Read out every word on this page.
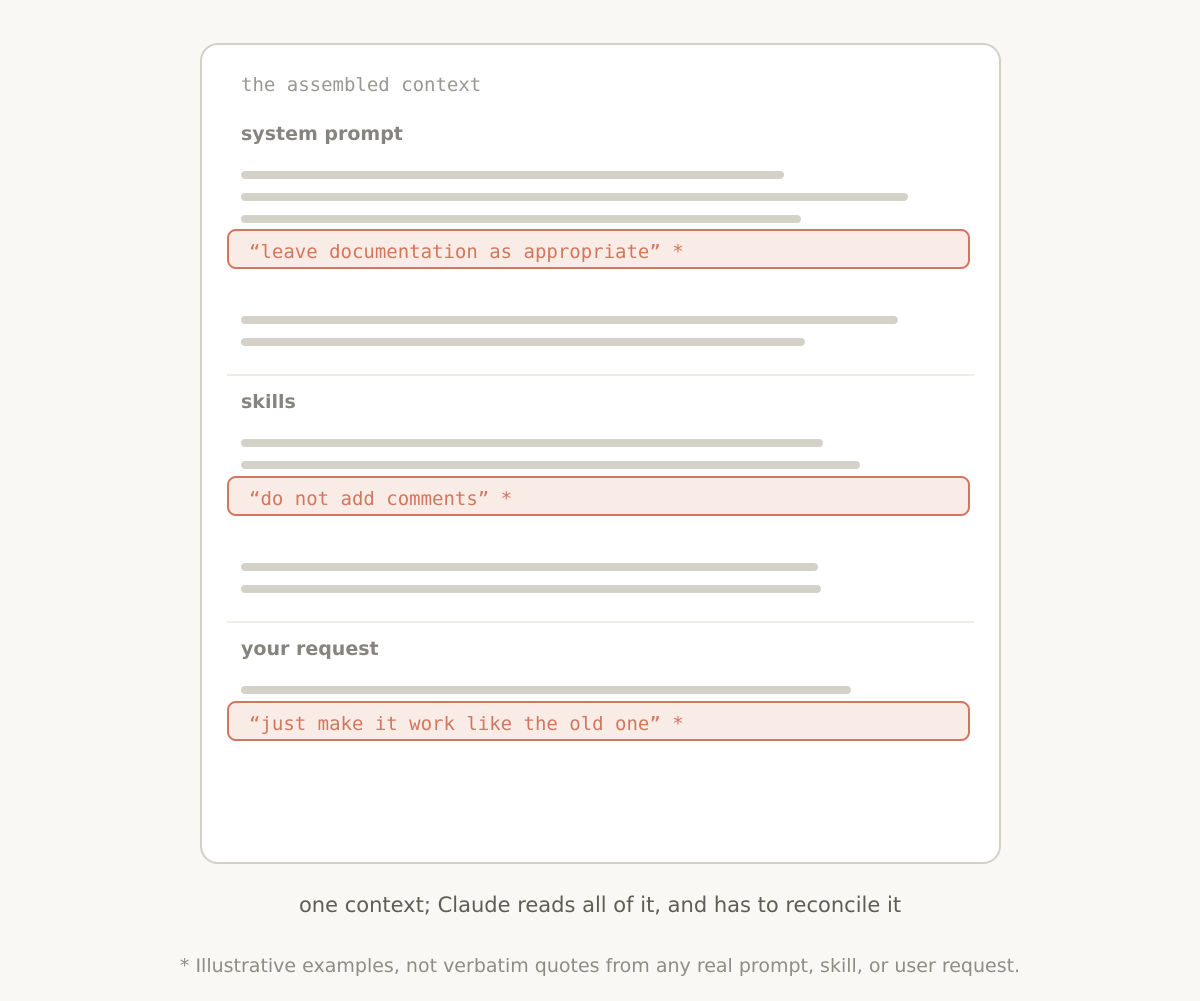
the assembled context
system prompt
“leave documentation as appropriate” *
skills
“do not add comments” *
your request
“just make it work like the old one” *
one context; Claude reads all of it, and has to reconcile it
* Illustrative examples, not verbatim quotes from any real prompt, skill, or user request.
